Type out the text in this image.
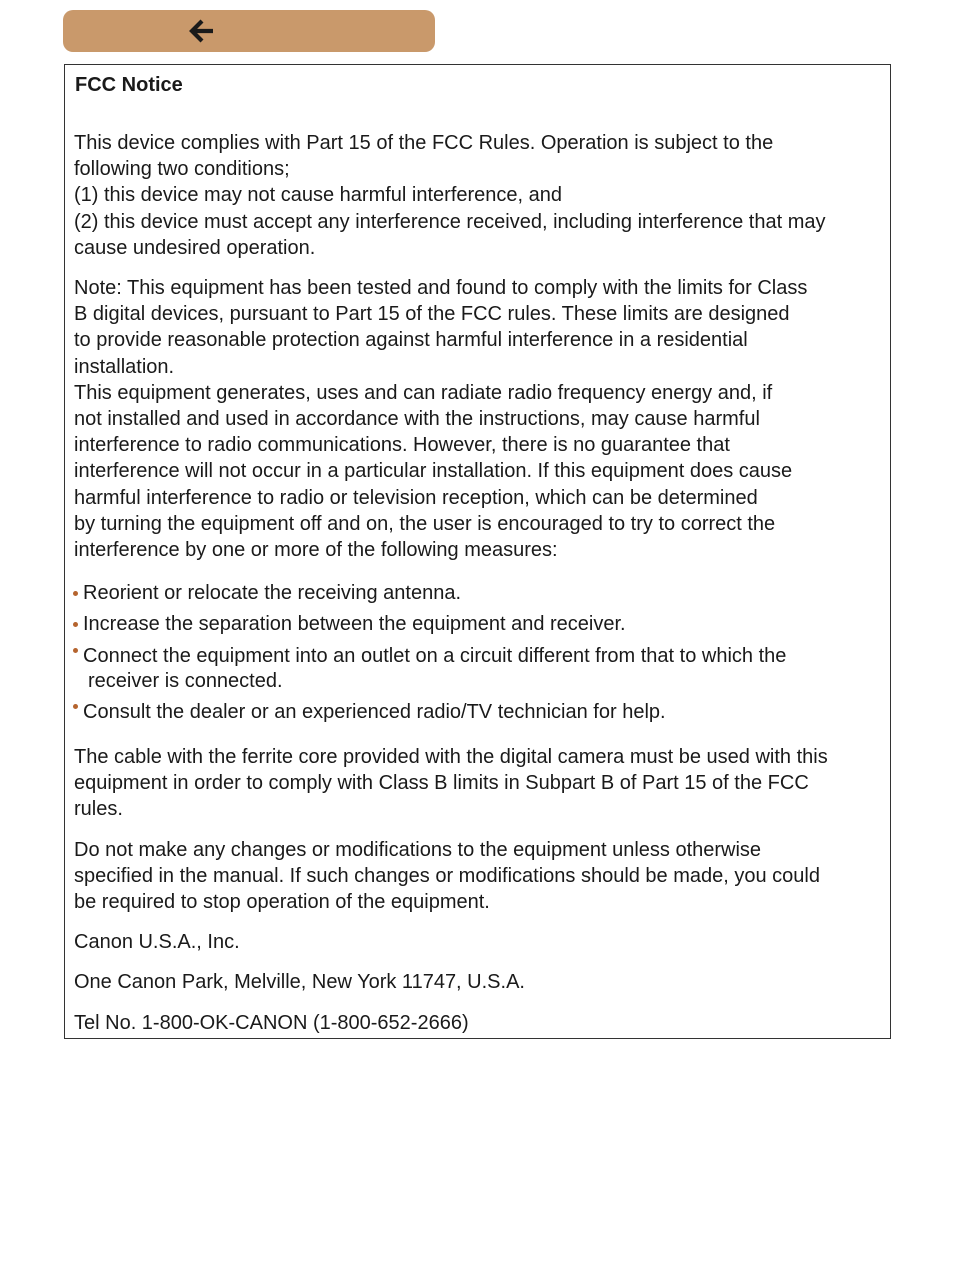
FCC Notice
This device complies with Part 15 of the FCC Rules. Operation is subject to the
following two conditions;
(1) this device may not cause harmful interference, and
(2) this device must accept any interference received, including interference that may
cause undesired operation.
Note: This equipment has been tested and found to comply with the limits for Class
B digital devices, pursuant to Part 15 of the FCC rules. These limits are designed
to provide reasonable protection against harmful interference in a residential
installation.
This equipment generates, uses and can radiate radio frequency energy and, if
not installed and used in accordance with the instructions, may cause harmful
interference to radio communications. However, there is no guarantee that
interference will not occur in a particular installation. If this equipment does cause
harmful interference to radio or television reception, which can be determined
by turning the equipment off and on, the user is encouraged to try to correct the
interference by one or more of the following measures:
Reorient or relocate the receiving antenna.
Increase the separation between the equipment and receiver.
Connect the equipment into an outlet on a circuit different from that to which the
receiver is connected.
Consult the dealer or an experienced radio/TV technician for help.
The cable with the ferrite core provided with the digital camera must be used with this
equipment in order to comply with Class B limits in Subpart B of Part 15 of the FCC
rules.
Do not make any changes or modifications to the equipment unless otherwise
specified in the manual. If such changes or modifications should be made, you could
be required to stop operation of the equipment.
Canon U.S.A., Inc.
One Canon Park, Melville, New York 11747, U.S.A.
Tel No. 1-800-OK-CANON (1-800-652-2666)
